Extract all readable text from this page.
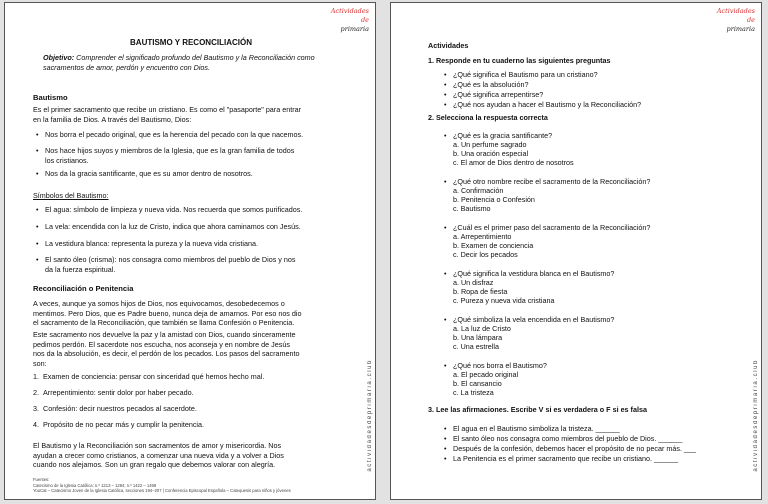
Actividades de
primaria
actividadesdeprimaria.club
BAUTISMO Y RECONCILIACIÓN
Objetivo: Comprender el significado profundo del Bautismo y la Reconciliación como
sacramentos de amor, perdón y encuentro con Dios.
Bautismo
Es el primer sacramento que recibe un cristiano. Es como el "pasaporte" para entrar
en la familia de Dios. A través del Bautismo, Dios:
• Nos borra el pecado original, que es la herencia del pecado con la que nacemos.
• Nos hace hijos suyos y miembros de la Iglesia, que es la gran familia de todos
los cristianos.
• Nos da la gracia santificante, que es su amor dentro de nosotros.
Símbolos del Bautismo:
• El agua: símbolo de limpieza y nueva vida. Nos recuerda que somos purificados.
• La vela: encendida con la luz de Cristo, indica que ahora caminamos con Jesús.
• La vestidura blanca: representa la pureza y la nueva vida cristiana.
• El santo óleo (crisma): nos consagra como miembros del pueblo de Dios y nos
da la fuerza espiritual.
Reconciliación o Penitencia
A veces, aunque ya somos hijos de Dios, nos equivocamos, desobedecemos o
mentimos. Pero Dios, que es Padre bueno, nunca deja de amarnos. Por eso nos dio
el sacramento de la Reconciliación, que también se llama Confesión o Penitencia.
Este sacramento nos devuelve la paz y la amistad con Dios, cuando sinceramente
pedimos perdón. El sacerdote nos escucha, nos aconseja y en nombre de Jesús
nos da la absolución, es decir, el perdón de los pecados. Los pasos del sacramento
son:
1.  Examen de conciencia: pensar con sinceridad qué hemos hecho mal.
2.  Arrepentimiento: sentir dolor por haber pecado.
3.  Confesión: decir nuestros pecados al sacerdote.
4.  Propósito de no pecar más y cumplir la penitencia.
El Bautismo y la Reconciliación son sacramentos de amor y misericordia. Nos
ayudan a crecer como cristianos, a comenzar una nueva vida y a volver a Dios
cuando nos alejamos. Son un gran regalo que debemos valorar con alegría.
Fuentes:
Catecismo de la Iglesia Católica: n.º 1213 – 1284; n.º 1422 – 1498
YouCat – Catecismo Joven de la Iglesia Católica, secciones 194–207 | Conferencia Episcopal Española – Catequesis para niños y jóvenes
Actividades de
primaria
actividadesdeprimaria.club
Actividades
1. Responde en tu cuaderno las siguientes preguntas
• ¿Qué significa el Bautismo para un cristiano?
• ¿Qué es la absolución?
• ¿Qué significa arrepentirse?
• ¿Qué nos ayudan a hacer el Bautismo y la Reconciliación?
2. Selecciona la respuesta correcta
• ¿Qué es la gracia santificante?
a. Un perfume sagrado
b. Una oración especial
c. El amor de Dios dentro de nosotros
• ¿Qué otro nombre recibe el sacramento de la Reconciliación?
a. Confirmación
b. Penitencia o Confesión
c. Bautismo
• ¿Cuál es el primer paso del sacramento de la Reconciliación?
a. Arrepentimiento
b. Examen de conciencia
c. Decir los pecados
• ¿Qué significa la vestidura blanca en el Bautismo?
a. Un disfraz
b. Ropa de fiesta
c. Pureza y nueva vida cristiana
• ¿Qué simboliza la vela encendida en el Bautismo?
a. La luz de Cristo
b. Una lámpara
c. Una estrella
• ¿Qué nos borra el Bautismo?
a. El pecado original
b. El cansancio
c. La tristeza
3. Lee las afirmaciones. Escribe V si es verdadera o F si es falsa
• El agua en el Bautismo simboliza la tristeza. ______
• El santo óleo nos consagra como miembros del pueblo de Dios. ______
• Después de la confesión, debemos hacer el propósito de no pecar más. ___
• La Penitencia es el primer sacramento que recibe un cristiano. ______
